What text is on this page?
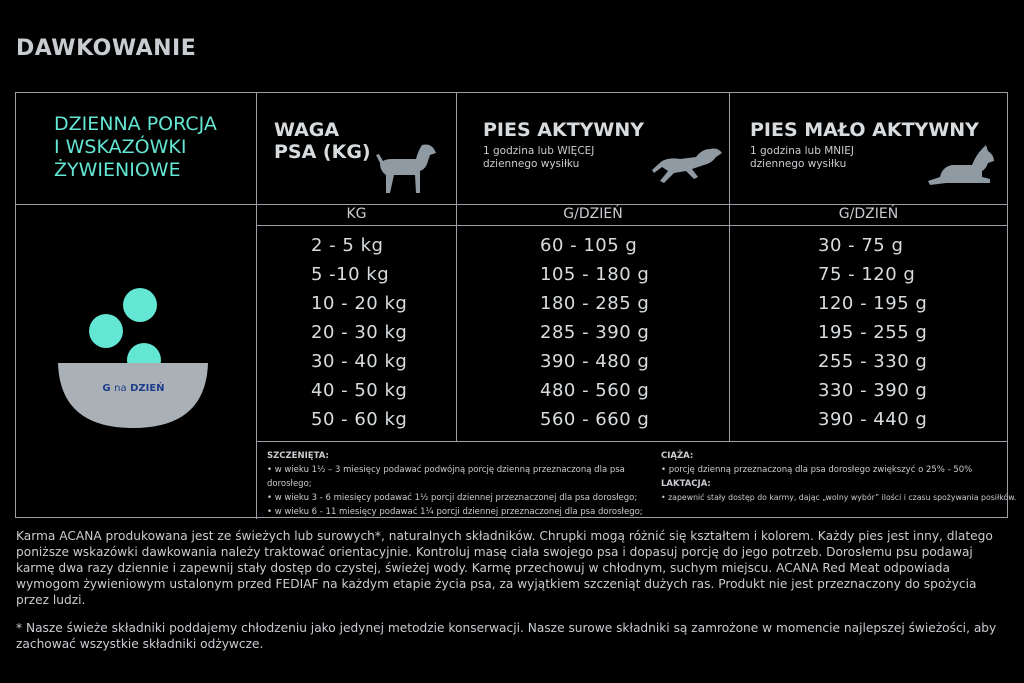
DAWKOWANIE
DZIENNA PORCJA
I WSKAZÓWKI
ŻYWIENIOWE
G na DZIEŃ
WAGA
PSA (KG)
PIES AKTYWNY
1 godzina lub WIĘCEJ
dziennego wysiłku
PIES MAŁO AKTYWNY
1 godzina lub MNIEJ
dziennego wysiłku
KG	G/DZIEŃ	G/DZIEŃ
2 - 5 kg
5 -10 kg
10 - 20 kg
20 - 30 kg
30 - 40 kg
40 - 50 kg
50 - 60 kg
60 - 105 g
105 - 180 g
180 - 285 g
285 - 390 g
390 - 480 g
480 - 560 g
560 - 660 g
30 - 75 g
75 - 120 g
120 - 195 g
195 - 255 g
255 - 330 g
330 - 390 g
390 - 440 g
SZCZENIĘTA:
• w wieku 1½ – 3 miesięcy podawać podwójną porcję dzienną przeznaczoną dla psa dorosłego;
• w wieku 3 - 6 miesięcy podawać 1½ porcji dziennej przeznaczonej dla psa dorosłego;
• w wieku 6 - 11 miesięcy podawać 1¼ porcji dziennej przeznaczonej dla psa dorosłego;
CIĄŻA:
• porcję dzienną przeznaczoną dla psa dorosłego zwiększyć o 25% - 50%
LAKTACJA:
• zapewnić stały dostęp do karmy, dając „wolny wybór” ilości i czasu spożywania posiłków.
Karma ACANA produkowana jest ze świeżych lub surowych*, naturalnych składników. Chrupki mogą różnić się kształtem i kolorem. Każdy pies jest inny, dlatego poniższe wskazówki dawkowania należy traktować orientacyjnie. Kontroluj masę ciała swojego psa i dopasuj porcję do jego potrzeb. Dorosłemu psu podawaj karmę dwa razy dziennie i zapewnij stały dostęp do czystej, świeżej wody. Karmę przechowuj w chłodnym, suchym miejscu. ACANA Red Meat odpowiada wymogom żywieniowym ustalonym przed FEDIAF na każdym etapie życia psa, za wyjątkiem szczeniąt dużych ras. Produkt nie jest przeznaczony do spożycia przez ludzi.
* Nasze świeże składniki poddajemy chłodzeniu jako jedynej metodzie konserwacji. Nasze surowe składniki są zamrożone w momencie najlepszej świeżości, aby zachować wszystkie składniki odżywcze.
